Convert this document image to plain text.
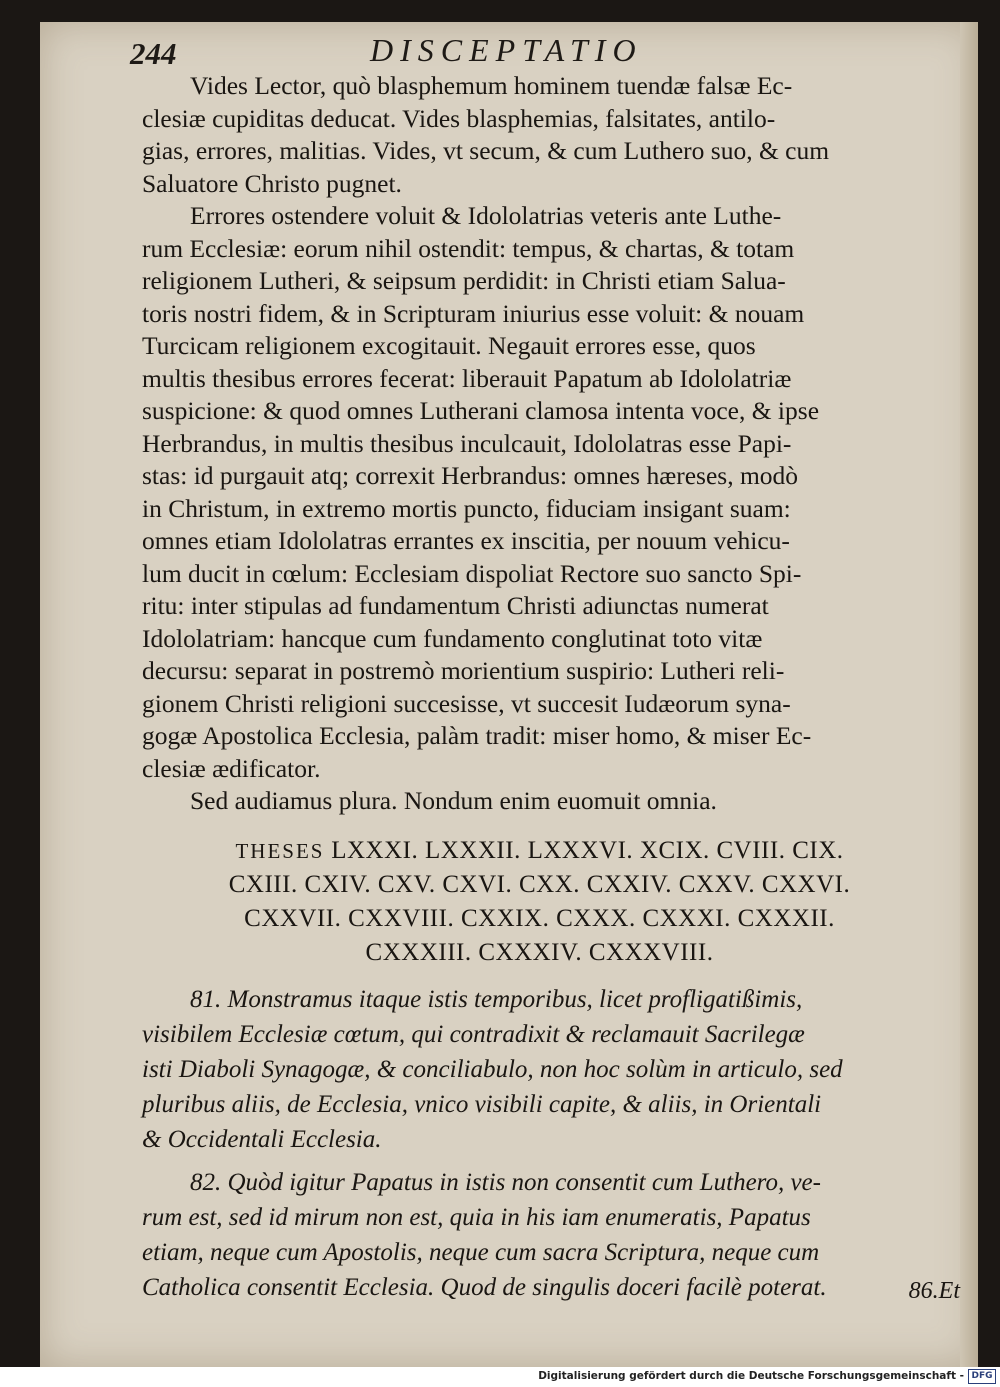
244	DISCEPTATIO

Vides Lector, quò blasphemum hominem tuendæ falsæ Ec-
clesiæ cupiditas deducat. Vides blasphemias, falsitates, antilo-
gias, errores, malitias. Vides, vt secum, & cum Luthero suo, & cum
Saluatore Christo pugnet.

Errores ostendere voluit & Idololatrias veteris ante Luthe-
rum Ecclesiæ: eorum nihil ostendit: tempus, & chartas, & totam
religionem Lutheri, & seipsum perdidit: in Christi etiam Salua-
toris nostri fidem, & in Scripturam iniurius esse voluit: & nouam
Turcicam religionem excogitauit. Negauit errores esse, quos
multis thesibus errores fecerat: liberauit Papatum ab Idololatriæ
suspicione: & quod omnes Lutherani clamosa intenta voce, & ipse
Herbrandus, in multis thesibus inculcauit, Idololatras esse Papi-
stas: id purgauit atq; correxit Herbrandus: omnes hæreses, modò
in Christum, in extremo mortis puncto, fiduciam insigant suam:
omnes etiam Idololatras errantes ex inscitia, per nouum vehicu-
lum ducit in cœlum: Ecclesiam dispoliat Rectore suo sancto Spi-
ritu: inter stipulas ad fundamentum Christi adiunctas numerat
Idololatriam: hancque cum fundamento conglutinat toto vitæ
decursu: separat in postremò morientium suspirio: Lutheri reli-
gionem Christi religioni succesisse, vt succesit Iudæorum syna-
gogæ Apostolica Ecclesia, palàm tradit: miser homo, & miser Ec-
clesiæ ædificator.

Sed audiamus plura. Nondum enim euomuit omnia.

THESES LXXXI. LXXXII. LXXXVI. XCIX. CVIII. CIX.
CXIII. CXIV. CXV. CXVI. CXX. CXXIV. CXXV. CXXVI.
CXXVII. CXXVIII. CXXIX. CXXX. CXXXI. CXXXII.
CXXXIII. CXXXIV. CXXXVIII.

81. Monstramus itaque istis temporibus, licet profligatißimis,
visibilem Ecclesiæ cœtum, qui contradixit & reclamauit Sacrilegæ
isti Diaboli Synagogæ, & conciliabulo, non hoc solùm in articulo, sed
pluribus aliis, de Ecclesia, vnico visibili capite, & aliis, in Orientali
& Occidentali Ecclesia.

82. Quòd igitur Papatus in istis non consentit cum Luthero, ve-
rum est, sed id mirum non est, quia in his iam enumeratis, Papatus
etiam, neque cum Apostolis, neque cum sacra Scriptura, neque cum
Catholica consentit Ecclesia. Quod de singulis doceri facilè poterat.	86.Et
Digitalisierung gefördert durch die Deutsche Forschungsgemeinschaft - DFG
